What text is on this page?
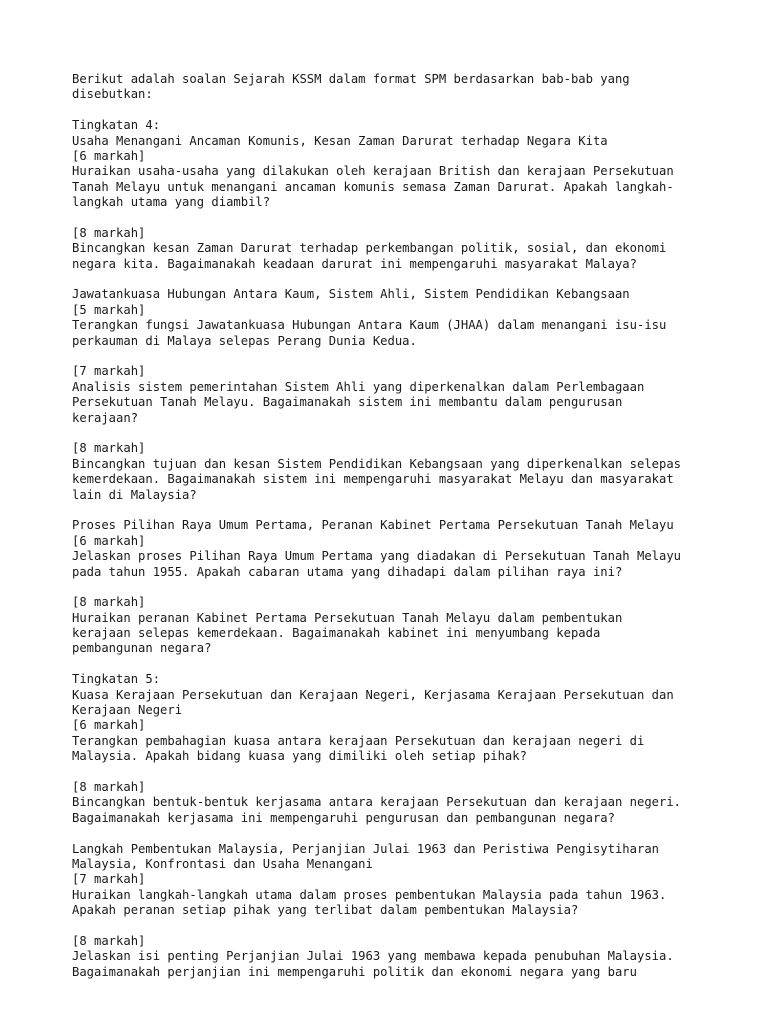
Berikut adalah soalan Sejarah KSSM dalam format SPM berdasarkan bab-bab yang
disebutkan:
Tingkatan 4:
Usaha Menangani Ancaman Komunis, Kesan Zaman Darurat terhadap Negara Kita
[6 markah]
Huraikan usaha-usaha yang dilakukan oleh kerajaan British dan kerajaan Persekutuan
Tanah Melayu untuk menangani ancaman komunis semasa Zaman Darurat. Apakah langkah-
langkah utama yang diambil?
[8 markah]
Bincangkan kesan Zaman Darurat terhadap perkembangan politik, sosial, dan ekonomi
negara kita. Bagaimanakah keadaan darurat ini mempengaruhi masyarakat Malaya?
Jawatankuasa Hubungan Antara Kaum, Sistem Ahli, Sistem Pendidikan Kebangsaan
[5 markah]
Terangkan fungsi Jawatankuasa Hubungan Antara Kaum (JHAA) dalam menangani isu-isu
perkauman di Malaya selepas Perang Dunia Kedua.
[7 markah]
Analisis sistem pemerintahan Sistem Ahli yang diperkenalkan dalam Perlembagaan
Persekutuan Tanah Melayu. Bagaimanakah sistem ini membantu dalam pengurusan
kerajaan?
[8 markah]
Bincangkan tujuan dan kesan Sistem Pendidikan Kebangsaan yang diperkenalkan selepas
kemerdekaan. Bagaimanakah sistem ini mempengaruhi masyarakat Melayu dan masyarakat
lain di Malaysia?
Proses Pilihan Raya Umum Pertama, Peranan Kabinet Pertama Persekutuan Tanah Melayu
[6 markah]
Jelaskan proses Pilihan Raya Umum Pertama yang diadakan di Persekutuan Tanah Melayu
pada tahun 1955. Apakah cabaran utama yang dihadapi dalam pilihan raya ini?
[8 markah]
Huraikan peranan Kabinet Pertama Persekutuan Tanah Melayu dalam pembentukan
kerajaan selepas kemerdekaan. Bagaimanakah kabinet ini menyumbang kepada
pembangunan negara?
Tingkatan 5:
Kuasa Kerajaan Persekutuan dan Kerajaan Negeri, Kerjasama Kerajaan Persekutuan dan
Kerajaan Negeri
[6 markah]
Terangkan pembahagian kuasa antara kerajaan Persekutuan dan kerajaan negeri di
Malaysia. Apakah bidang kuasa yang dimiliki oleh setiap pihak?
[8 markah]
Bincangkan bentuk-bentuk kerjasama antara kerajaan Persekutuan dan kerajaan negeri.
Bagaimanakah kerjasama ini mempengaruhi pengurusan dan pembangunan negara?
Langkah Pembentukan Malaysia, Perjanjian Julai 1963 dan Peristiwa Pengisytiharan
Malaysia, Konfrontasi dan Usaha Menangani
[7 markah]
Huraikan langkah-langkah utama dalam proses pembentukan Malaysia pada tahun 1963.
Apakah peranan setiap pihak yang terlibat dalam pembentukan Malaysia?
[8 markah]
Jelaskan isi penting Perjanjian Julai 1963 yang membawa kepada penubuhan Malaysia.
Bagaimanakah perjanjian ini mempengaruhi politik dan ekonomi negara yang baru
